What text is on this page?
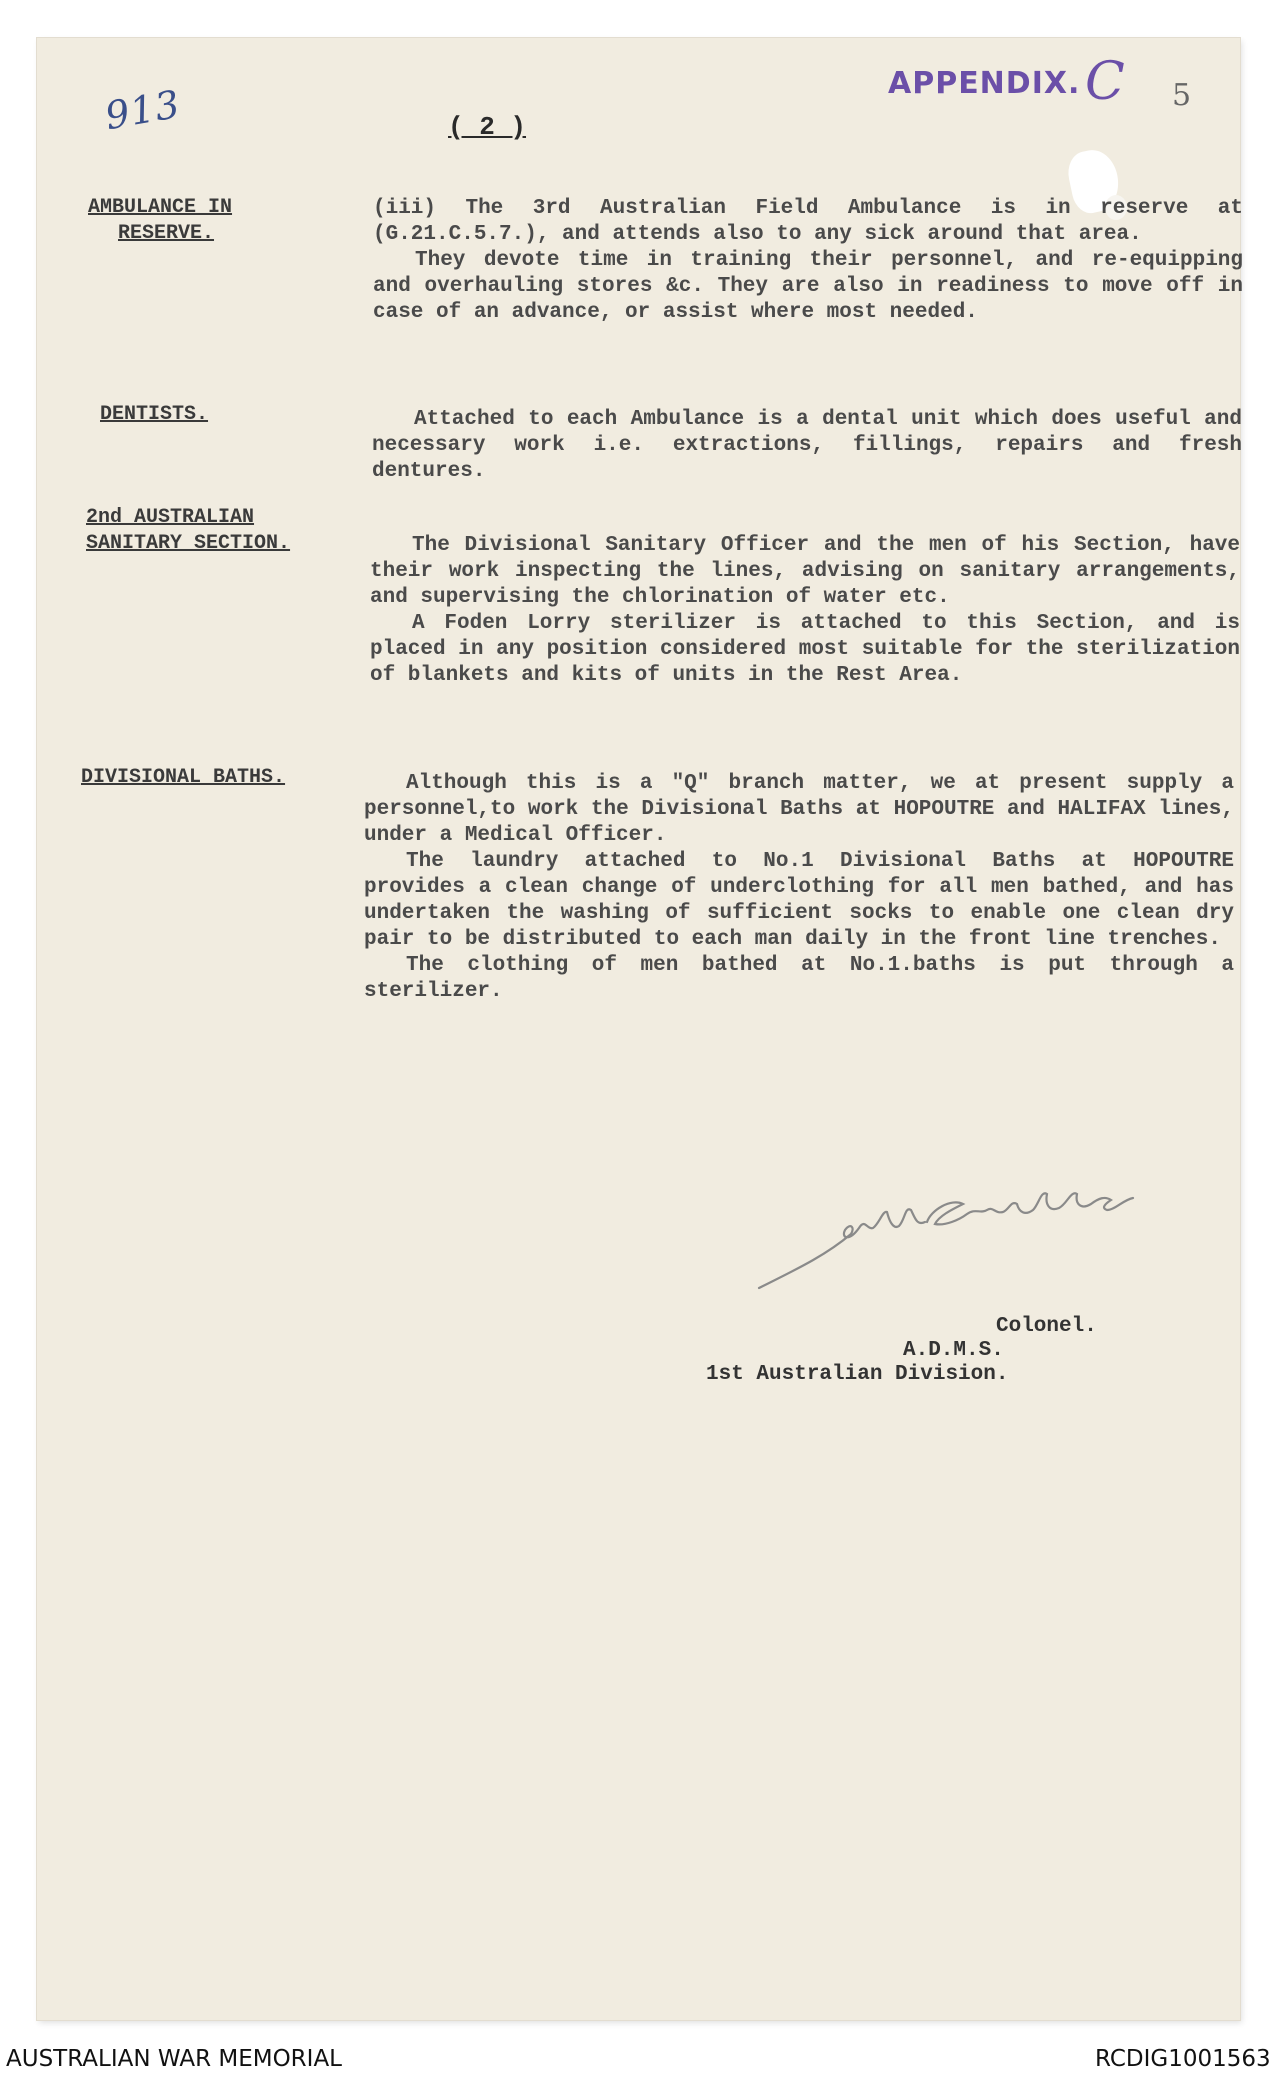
913	APPENDIX. C 5
( 2 )
AMBULANCE IN
RESERVE.

(iii) The 3rd Australian Field Ambulance is in reserve at (G.21.C.5.7.), and attends also to any sick around that area.

They devote time in training their personnel, and re-equipping and overhauling stores &c. They are also in readiness to move off in case of an advance, or assist where most needed.

DENTISTS.	Attached to each Ambulance is a dental unit which does useful and necessary work i.e. extractions, fillings, repairs and fresh dentures.

2nd AUSTRALIAN
SANITARY SECTION.	The Divisional Sanitary Officer and the men of his Section, have their work inspecting the lines, advising on sanitary arrangements, and supervising the chlorination of water etc.

A Foden Lorry sterilizer is attached to this Section, and is placed in any position considered most suitable for the sterilization of blankets and kits of units in the Rest Area.

DIVISIONAL BATHS.	Although this is a "Q" branch matter, we at present supply a personnel,to work the Divisional Baths at HOPOUTRE and HALIFAX lines, under a Medical Officer.

The laundry attached to No.1 Divisional Baths at HOPOUTRE provides a clean change of underclothing for all men bathed, and has undertaken the washing of sufficient socks to enable one clean dry pair to be distributed to each man daily in the front line trenches.

The clothing of men bathed at No.1.baths is put through a sterilizer.

Colonel.
A.D.M.S.
1st Australian Division.
AUSTRALIAN WAR MEMORIAL	RCDIG1001563
